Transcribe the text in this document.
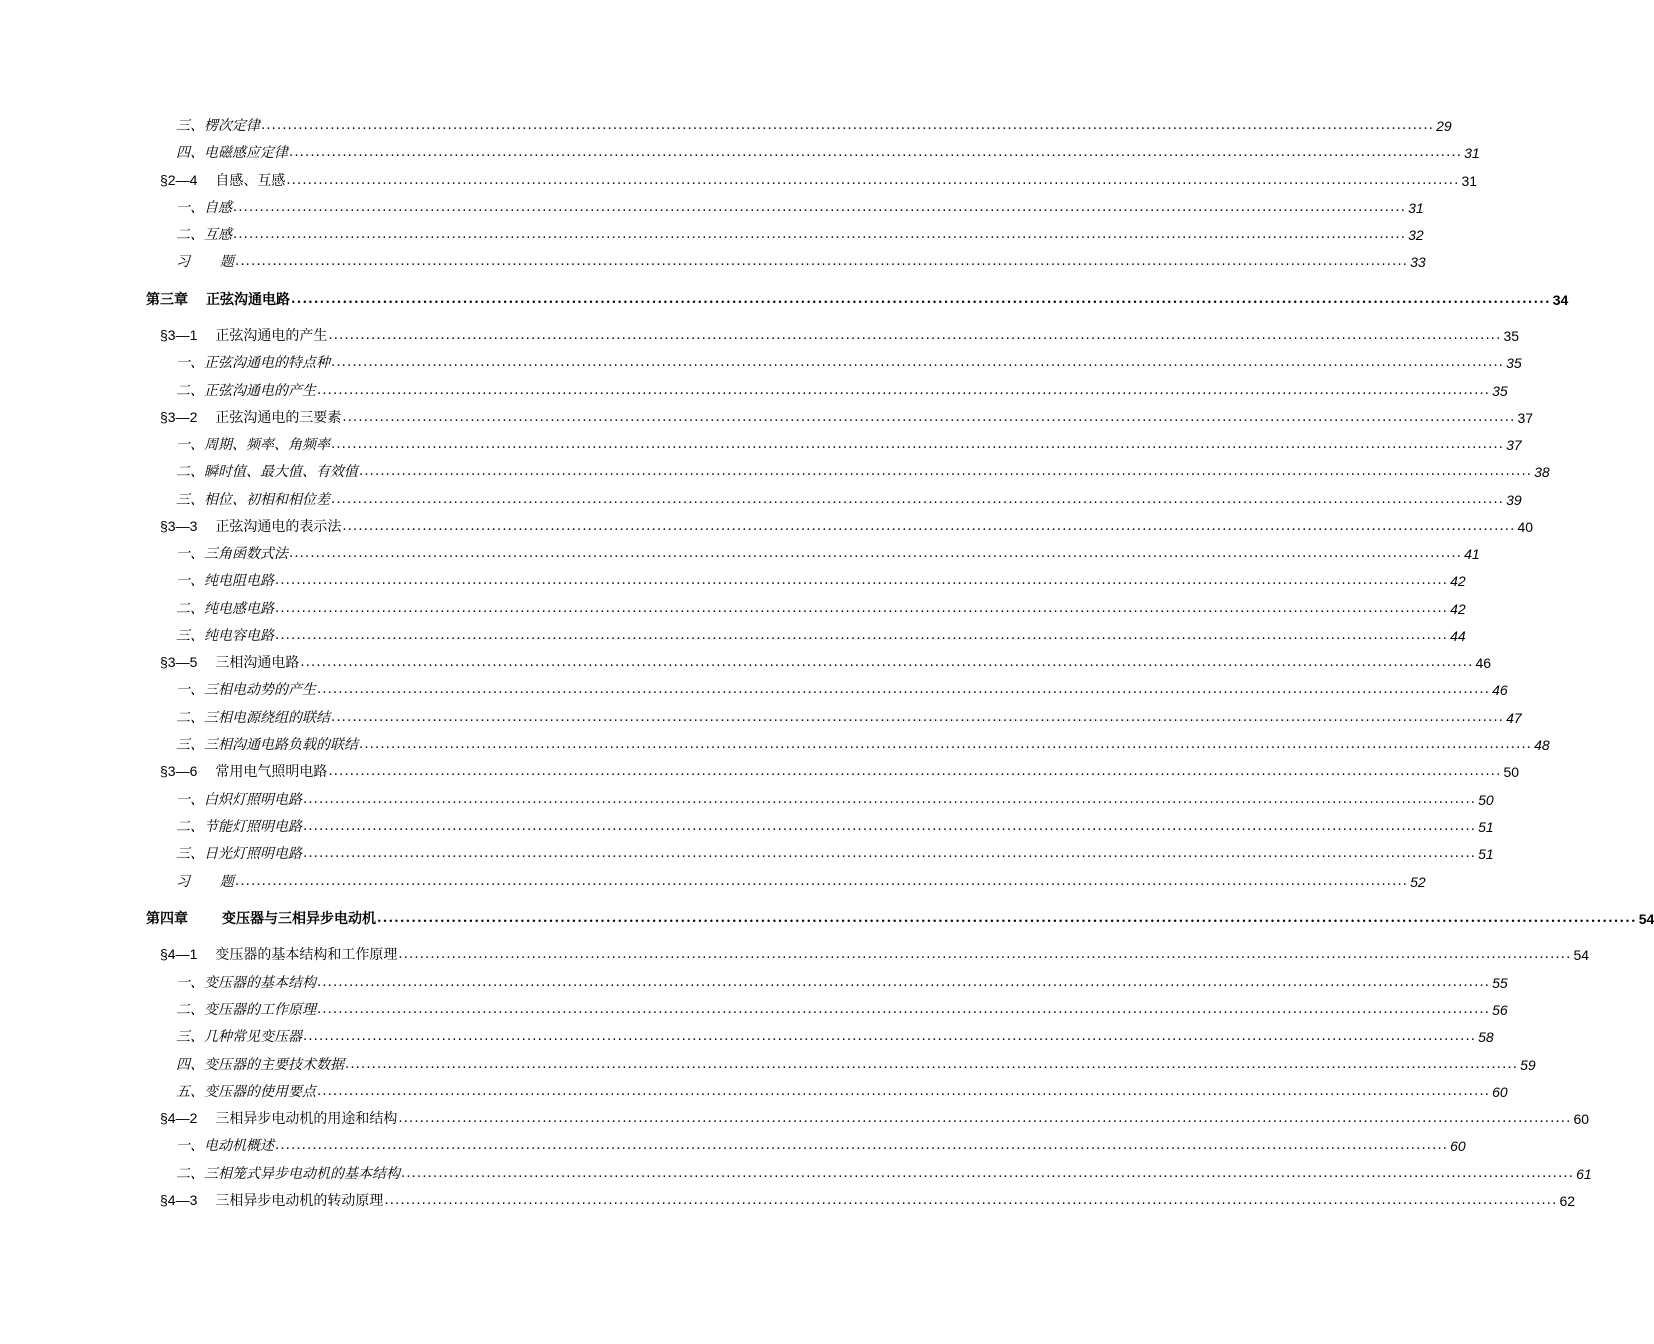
三、楞次定律 ............................................................................................................................................................................................................................ 29
四、电磁感应定律 ............................................................................................................................................................................................................................ 31
§2—4 自感、互感 ............................................................................................................................................................................................................................ 31
一、自感 ............................................................................................................................................................................................................................ 31
二、互感 ............................................................................................................................................................................................................................ 32
习 题 ............................................................................................................................................................................................................................ 33
第三章 正弦沟通电路 ............................................................................................................................................................................................................................ 34
§3—1 正弦沟通电的产生 ............................................................................................................................................................................................................................ 35
一、正弦沟通电的特点种 ............................................................................................................................................................................................................................ 35
二、正弦沟通电的产生 ............................................................................................................................................................................................................................ 35
§3—2 正弦沟通电的三要素 ............................................................................................................................................................................................................................ 37
一、周期、频率、角频率 ............................................................................................................................................................................................................................ 37
二、瞬时值、最大值、有效值 ............................................................................................................................................................................................................................ 38
三、相位、初相和相位差 ............................................................................................................................................................................................................................ 39
§3—3 正弦沟通电的表示法 ............................................................................................................................................................................................................................ 40
一、三角函数式法 ............................................................................................................................................................................................................................ 41
一、纯电阻电路 ............................................................................................................................................................................................................................ 42
二、纯电感电路 ............................................................................................................................................................................................................................ 42
三、纯电容电路 ............................................................................................................................................................................................................................ 44
§3—5 三相沟通电路 ............................................................................................................................................................................................................................ 46
一、三相电动势的产生 ............................................................................................................................................................................................................................ 46
二、三相电源绕组的联结 ............................................................................................................................................................................................................................ 47
三、三相沟通电路负载的联结 ............................................................................................................................................................................................................................ 48
§3—6 常用电气照明电路 ............................................................................................................................................................................................................................ 50
一、白炽灯照明电路 ............................................................................................................................................................................................................................ 50
二、节能灯照明电路 ............................................................................................................................................................................................................................ 51
三、日光灯照明电路 ............................................................................................................................................................................................................................ 51
习 题 ............................................................................................................................................................................................................................ 52
第四章 变压器与三相异步电动机 ............................................................................................................................................................................................................................ 54
§4—1 变压器的基本结构和工作原理 ............................................................................................................................................................................................................................ 54
一、变压器的基本结构 ............................................................................................................................................................................................................................ 55
二、变压器的工作原理 ............................................................................................................................................................................................................................ 56
三、几种常见变压器 ............................................................................................................................................................................................................................ 58
四、变压器的主要技术数据 ............................................................................................................................................................................................................................ 59
五、变压器的使用要点 ............................................................................................................................................................................................................................ 60
§4—2 三相异步电动机的用途和结构 ............................................................................................................................................................................................................................ 60
一、电动机概述 ............................................................................................................................................................................................................................ 60
二、三相笼式异步电动机的基本结构 ............................................................................................................................................................................................................................ 61
§4—3 三相异步电动机的转动原理 ............................................................................................................................................................................................................................ 62
